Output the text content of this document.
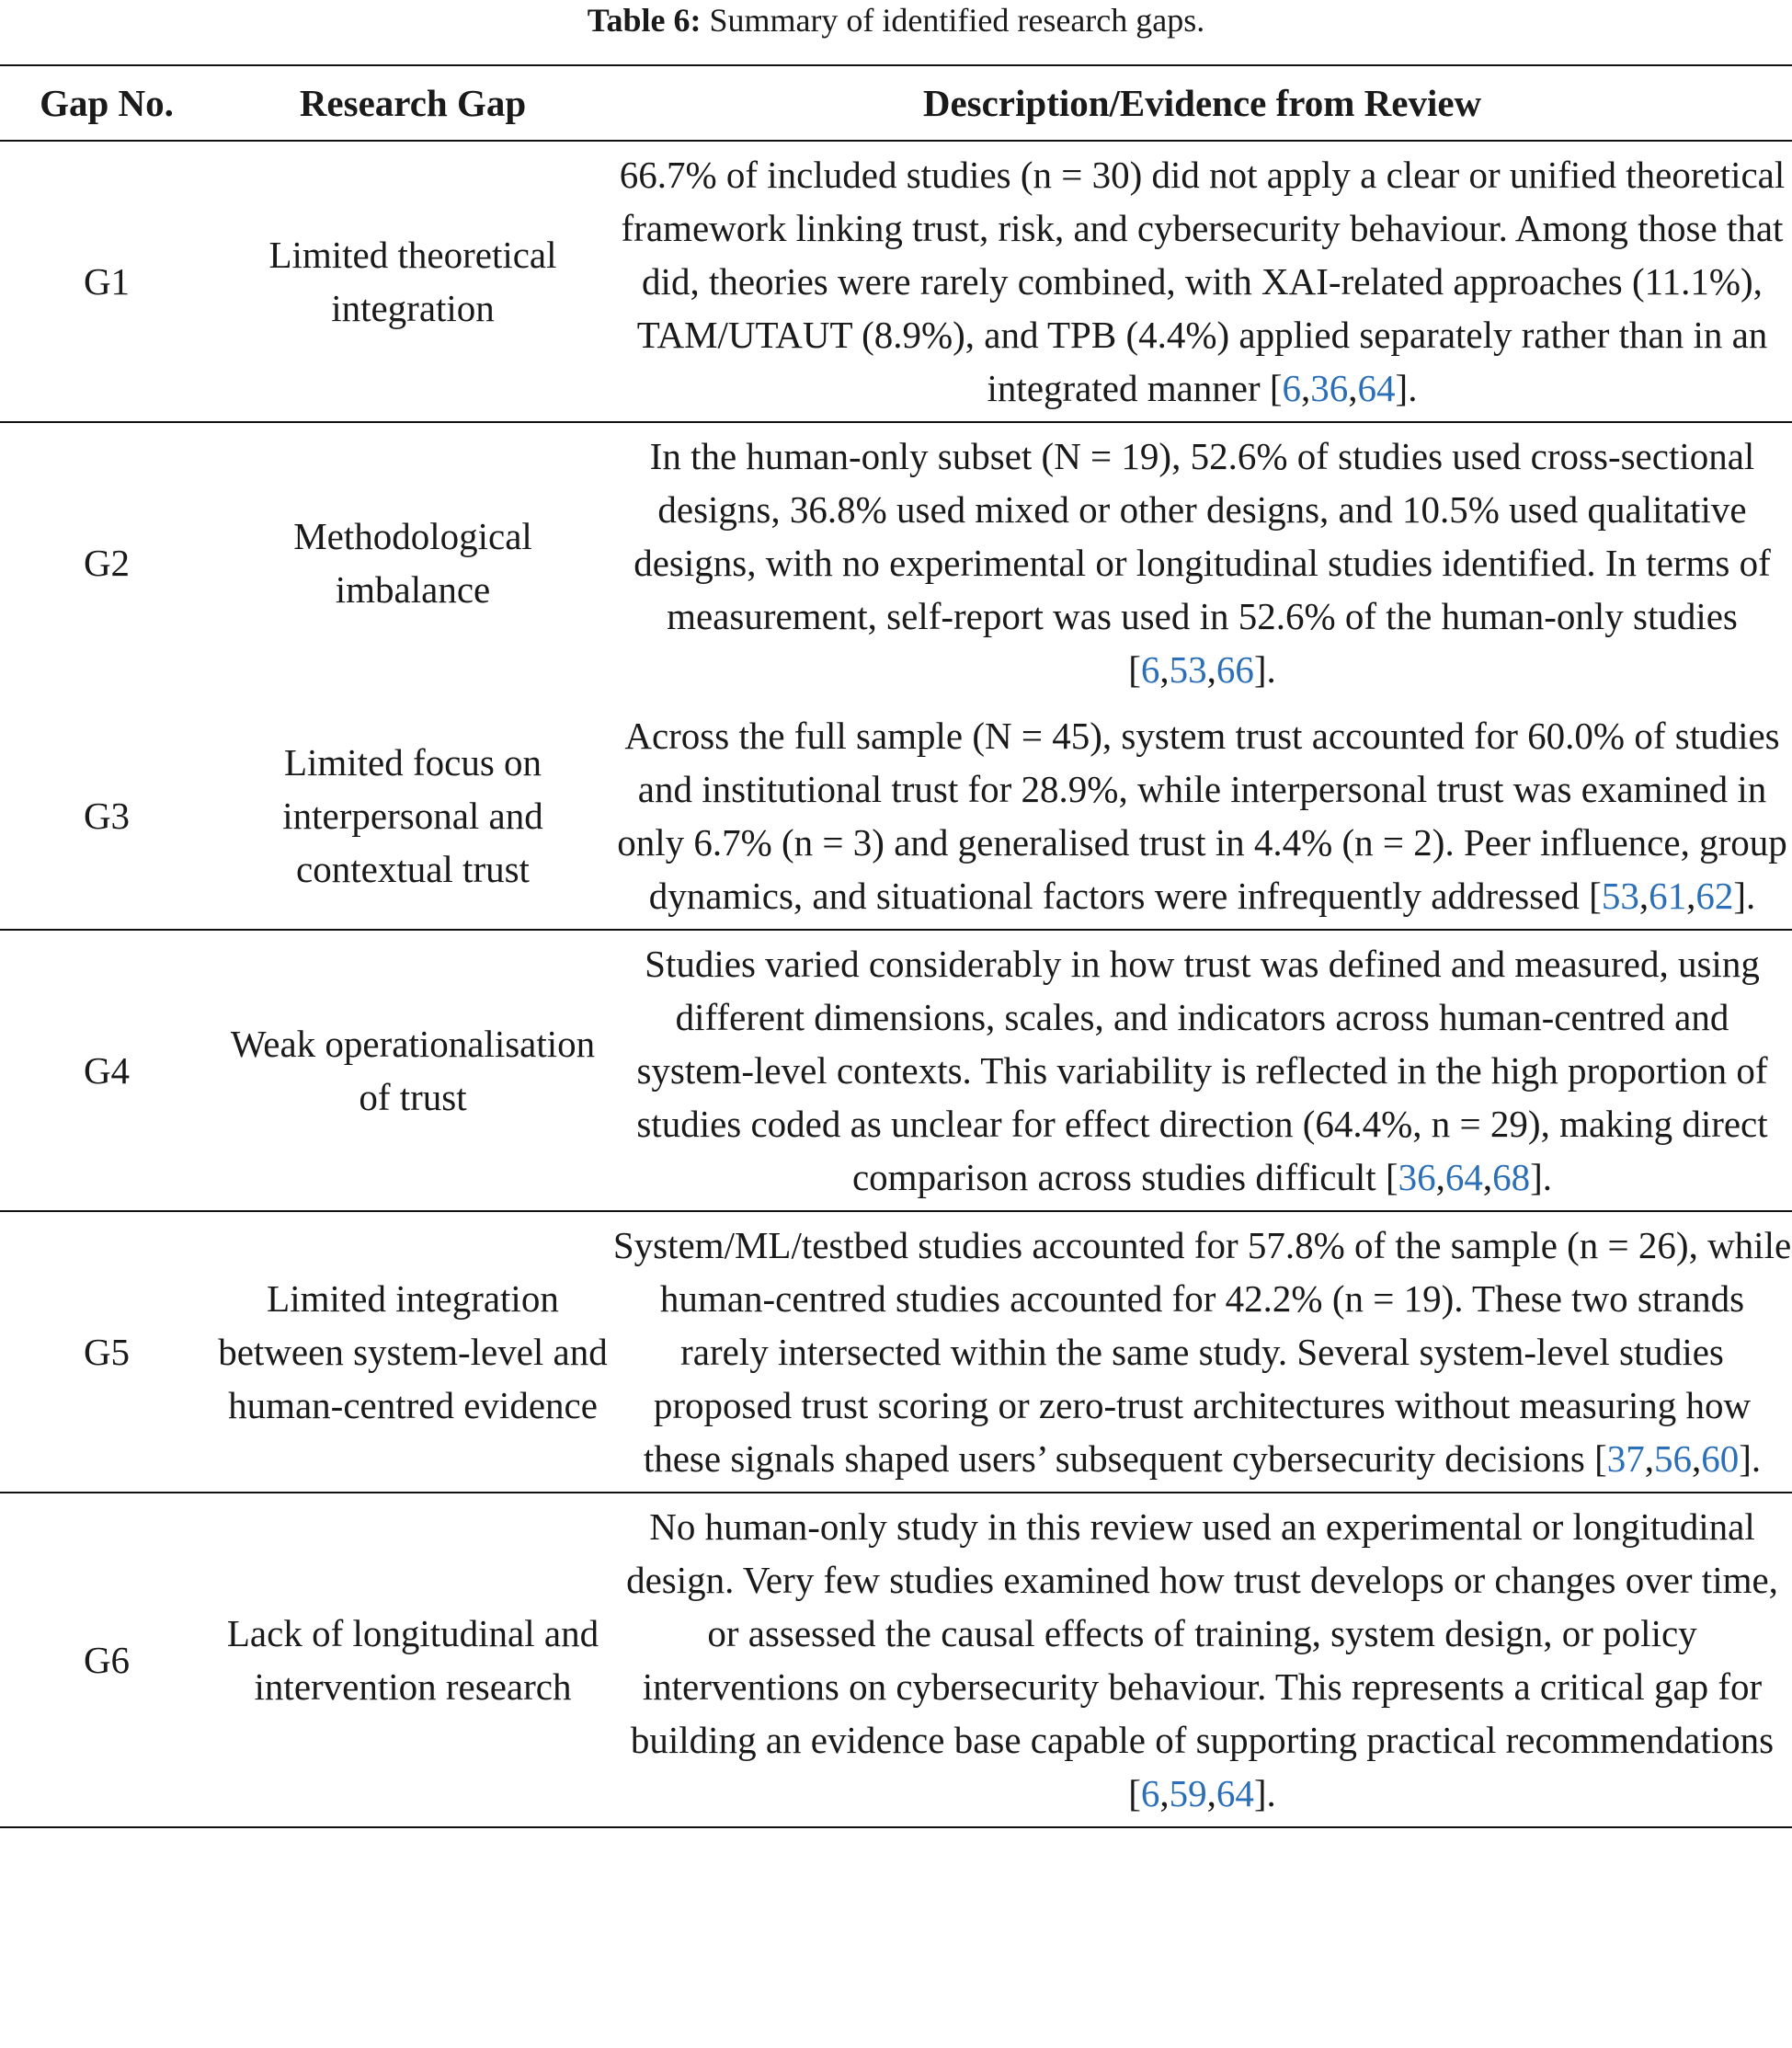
Table 6: Summary of identified research gaps.
Gap No.	Research Gap	Description/Evidence from Review
G1	Limited theoretical integration	66.7% of included studies (n = 30) did not apply a clear or unified theoretical framework linking trust, risk, and cybersecurity behaviour. Among those that did, theories were rarely combined, with XAI-related approaches (11.1%), TAM/UTAUT (8.9%), and TPB (4.4%) applied separately rather than in an integrated manner [6,36,64].
G2	Methodological imbalance	In the human-only subset (N = 19), 52.6% of studies used cross-sectional designs, 36.8% used mixed or other designs, and 10.5% used qualitative designs, with no experimental or longitudinal studies identified. In terms of measurement, self-report was used in 52.6% of the human-only studies [6,53,66].
G3	Limited focus on interpersonal and contextual trust	Across the full sample (N = 45), system trust accounted for 60.0% of studies and institutional trust for 28.9%, while interpersonal trust was examined in only 6.7% (n = 3) and generalised trust in 4.4% (n = 2). Peer influence, group dynamics, and situational factors were infrequently addressed [53,61,62].
G4	Weak operationalisation of trust	Studies varied considerably in how trust was defined and measured, using different dimensions, scales, and indicators across human-centred and system-level contexts. This variability is reflected in the high proportion of studies coded as unclear for effect direction (64.4%, n = 29), making direct comparison across studies difficult [36,64,68].
G5	Limited integration between system-level and human-centred evidence	System/ML/testbed studies accounted for 57.8% of the sample (n = 26), while human-centred studies accounted for 42.2% (n = 19). These two strands rarely intersected within the same study. Several system-level studies proposed trust scoring or zero-trust architectures without measuring how these signals shaped users’ subsequent cybersecurity decisions [37,56,60].
G6	Lack of longitudinal and intervention research	No human-only study in this review used an experimental or longitudinal design. Very few studies examined how trust develops or changes over time, or assessed the causal effects of training, system design, or policy interventions on cybersecurity behaviour. This represents a critical gap for building an evidence base capable of supporting practical recommendations [6,59,64].
